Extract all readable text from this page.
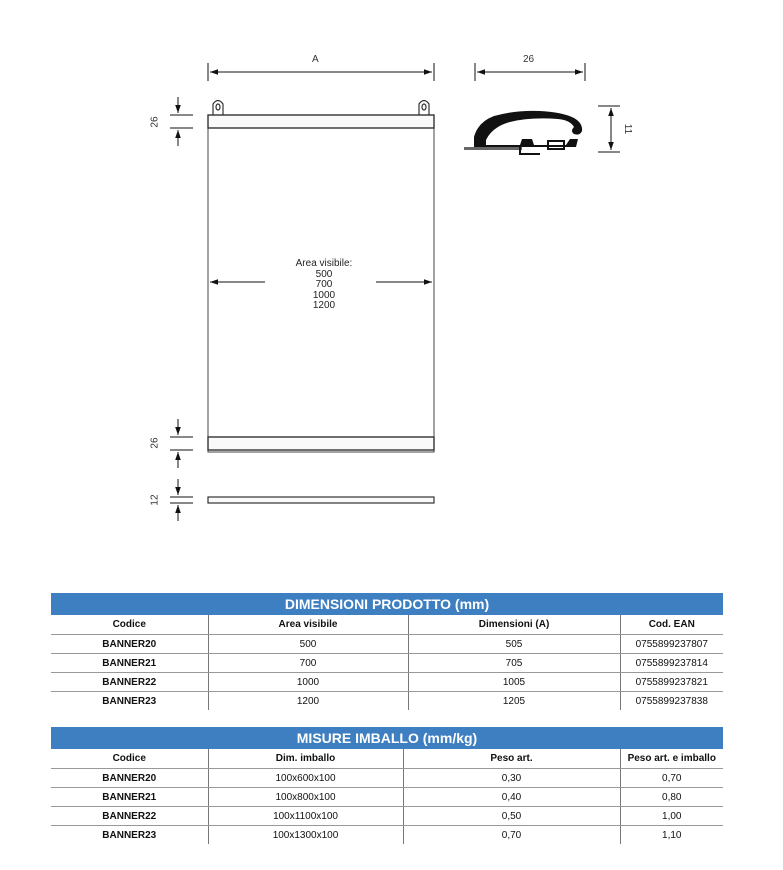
A	26
11
26
26
12
Area visibile:
500
700
1000
1200
DIMENSIONI PRODOTTO (mm)
Codice	Area visibile	Dimensioni (A)	Cod. EAN
BANNER20	500	505	0755899237807
BANNER21	700	705	0755899237814
BANNER22	1000	1005	0755899237821
BANNER23	1200	1205	0755899237838
MISURE IMBALLO (mm/kg)
Codice	Dim. imballo	Peso art.	Peso art. e imballo
BANNER20	100x600x100	0,30	0,70
BANNER21	100x800x100	0,40	0,80
BANNER22	100x1100x100	0,50	1,00
BANNER23	100x1300x100	0,70	1,10
